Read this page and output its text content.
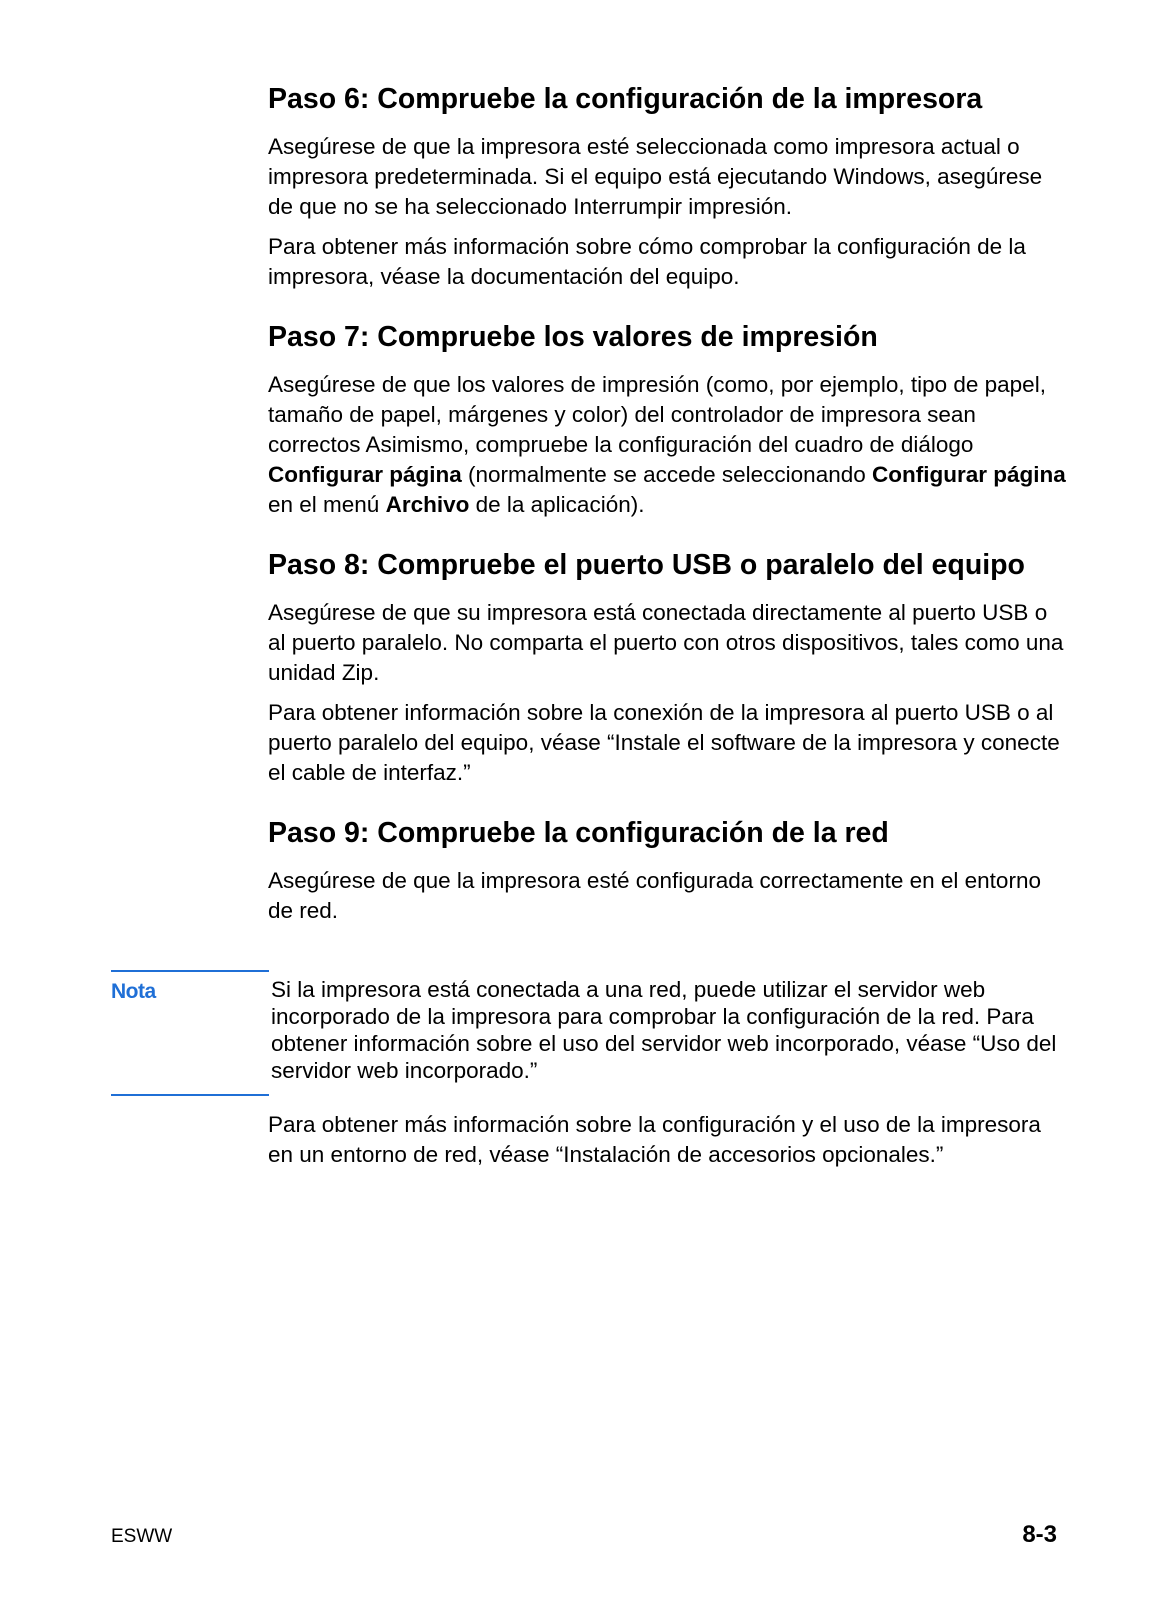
Paso 6: Compruebe la configuración de la impresora

Asegúrese de que la impresora esté seleccionada como impresora actual o impresora predeterminada. Si el equipo está ejecutando Windows, asegúrese de que no se ha seleccionado Interrumpir impresión.

Para obtener más información sobre cómo comprobar la configuración de la impresora, véase la documentación del equipo.

Paso 7: Compruebe los valores de impresión

Asegúrese de que los valores de impresión (como, por ejemplo, tipo de papel, tamaño de papel, márgenes y color) del controlador de impresora sean correctos Asimismo, compruebe la configuración del cuadro de diálogo Configurar página (normalmente se accede seleccionando Configurar página en el menú Archivo de la aplicación).

Paso 8: Compruebe el puerto USB o paralelo del equipo

Asegúrese de que su impresora está conectada directamente al puerto USB o al puerto paralelo. No comparta el puerto con otros dispositivos, tales como una unidad Zip.

Para obtener información sobre la conexión de la impresora al puerto USB o al puerto paralelo del equipo, véase “Instale el software de la impresora y conecte el cable de interfaz.”

Paso 9: Compruebe la configuración de la red

Asegúrese de que la impresora esté configurada correctamente en el entorno de red.

Nota	Si la impresora está conectada a una red, puede utilizar el servidor web incorporado de la impresora para comprobar la configuración de la red. Para obtener información sobre el uso del servidor web incorporado, véase “Uso del servidor web incorporado.”

Para obtener más información sobre la configuración y el uso de la impresora en un entorno de red, véase “Instalación de accesorios opcionales.”

ESWW	8-3
